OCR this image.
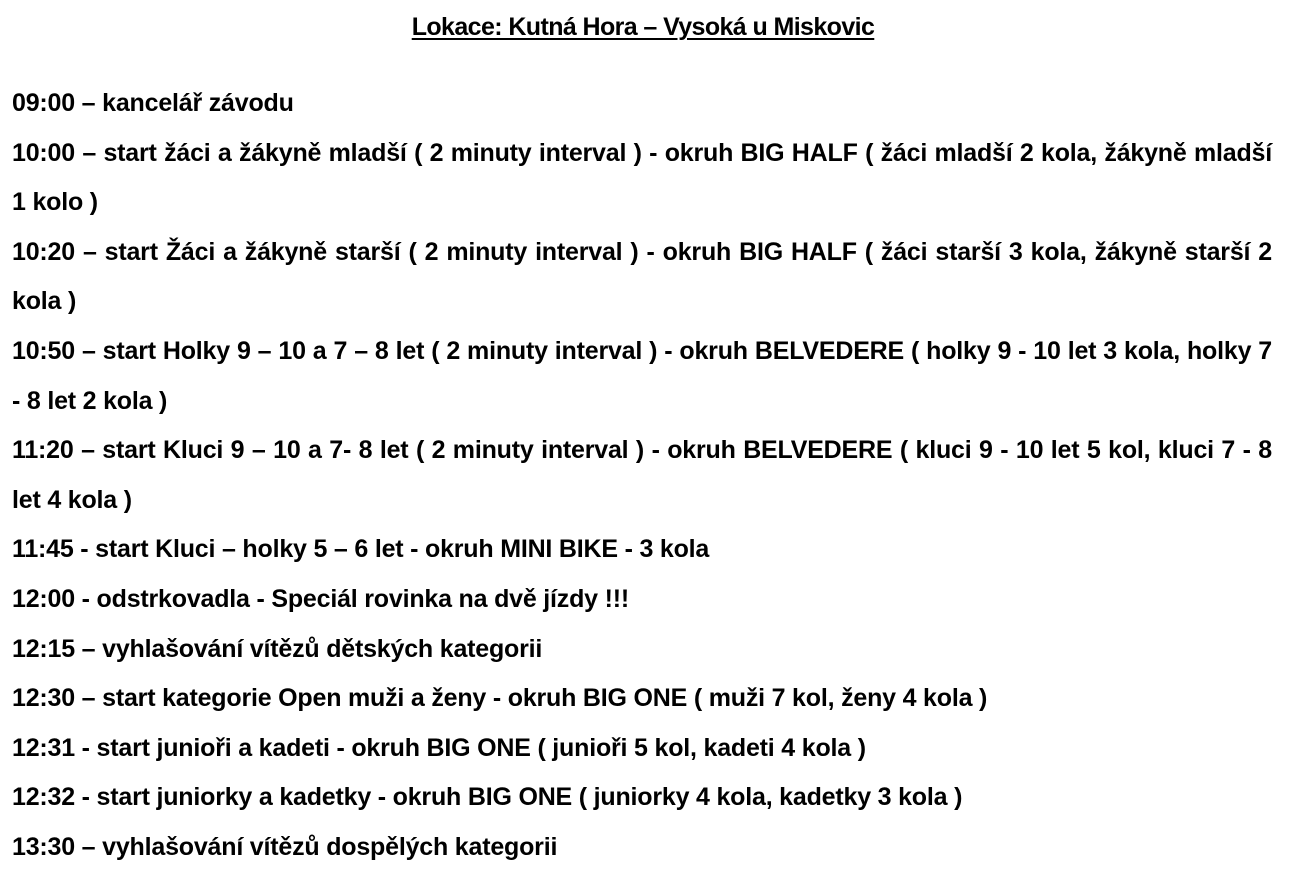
Lokace: Kutná Hora – Vysoká u Miskovic
09:00 – kancelář závodu
10:00 – start žáci a žákyně mladší ( 2 minuty interval ) - okruh BIG HALF ( žáci mladší 2 kola, žákyně mladší 1 kolo )
10:20 – start Žáci a žákyně starší ( 2 minuty interval ) - okruh BIG HALF ( žáci starší 3 kola, žákyně starší 2 kola )
10:50 – start Holky 9 – 10 a 7 – 8 let ( 2 minuty interval ) - okruh BELVEDERE ( holky 9 - 10 let 3 kola, holky 7 - 8 let 2 kola )
11:20 – start Kluci 9 – 10 a 7- 8 let ( 2 minuty interval ) - okruh BELVEDERE ( kluci 9 - 10 let 5 kol, kluci 7 - 8 let 4 kola )
11:45 - start Kluci – holky 5 – 6 let - okruh MINI BIKE - 3 kola
12:00 - odstrkovadla - Speciál rovinka na dvě jízdy !!!
12:15 – vyhlašování vítězů dětských kategorii
12:30 – start kategorie Open muži a ženy - okruh BIG ONE ( muži 7 kol, ženy 4 kola )
12:31 - start junioři a kadeti - okruh BIG ONE ( junioři 5 kol, kadeti 4 kola )
12:32 - start juniorky a kadetky - okruh BIG ONE ( juniorky 4 kola, kadetky 3 kola )
13:30 – vyhlašování vítězů dospělých kategorii
